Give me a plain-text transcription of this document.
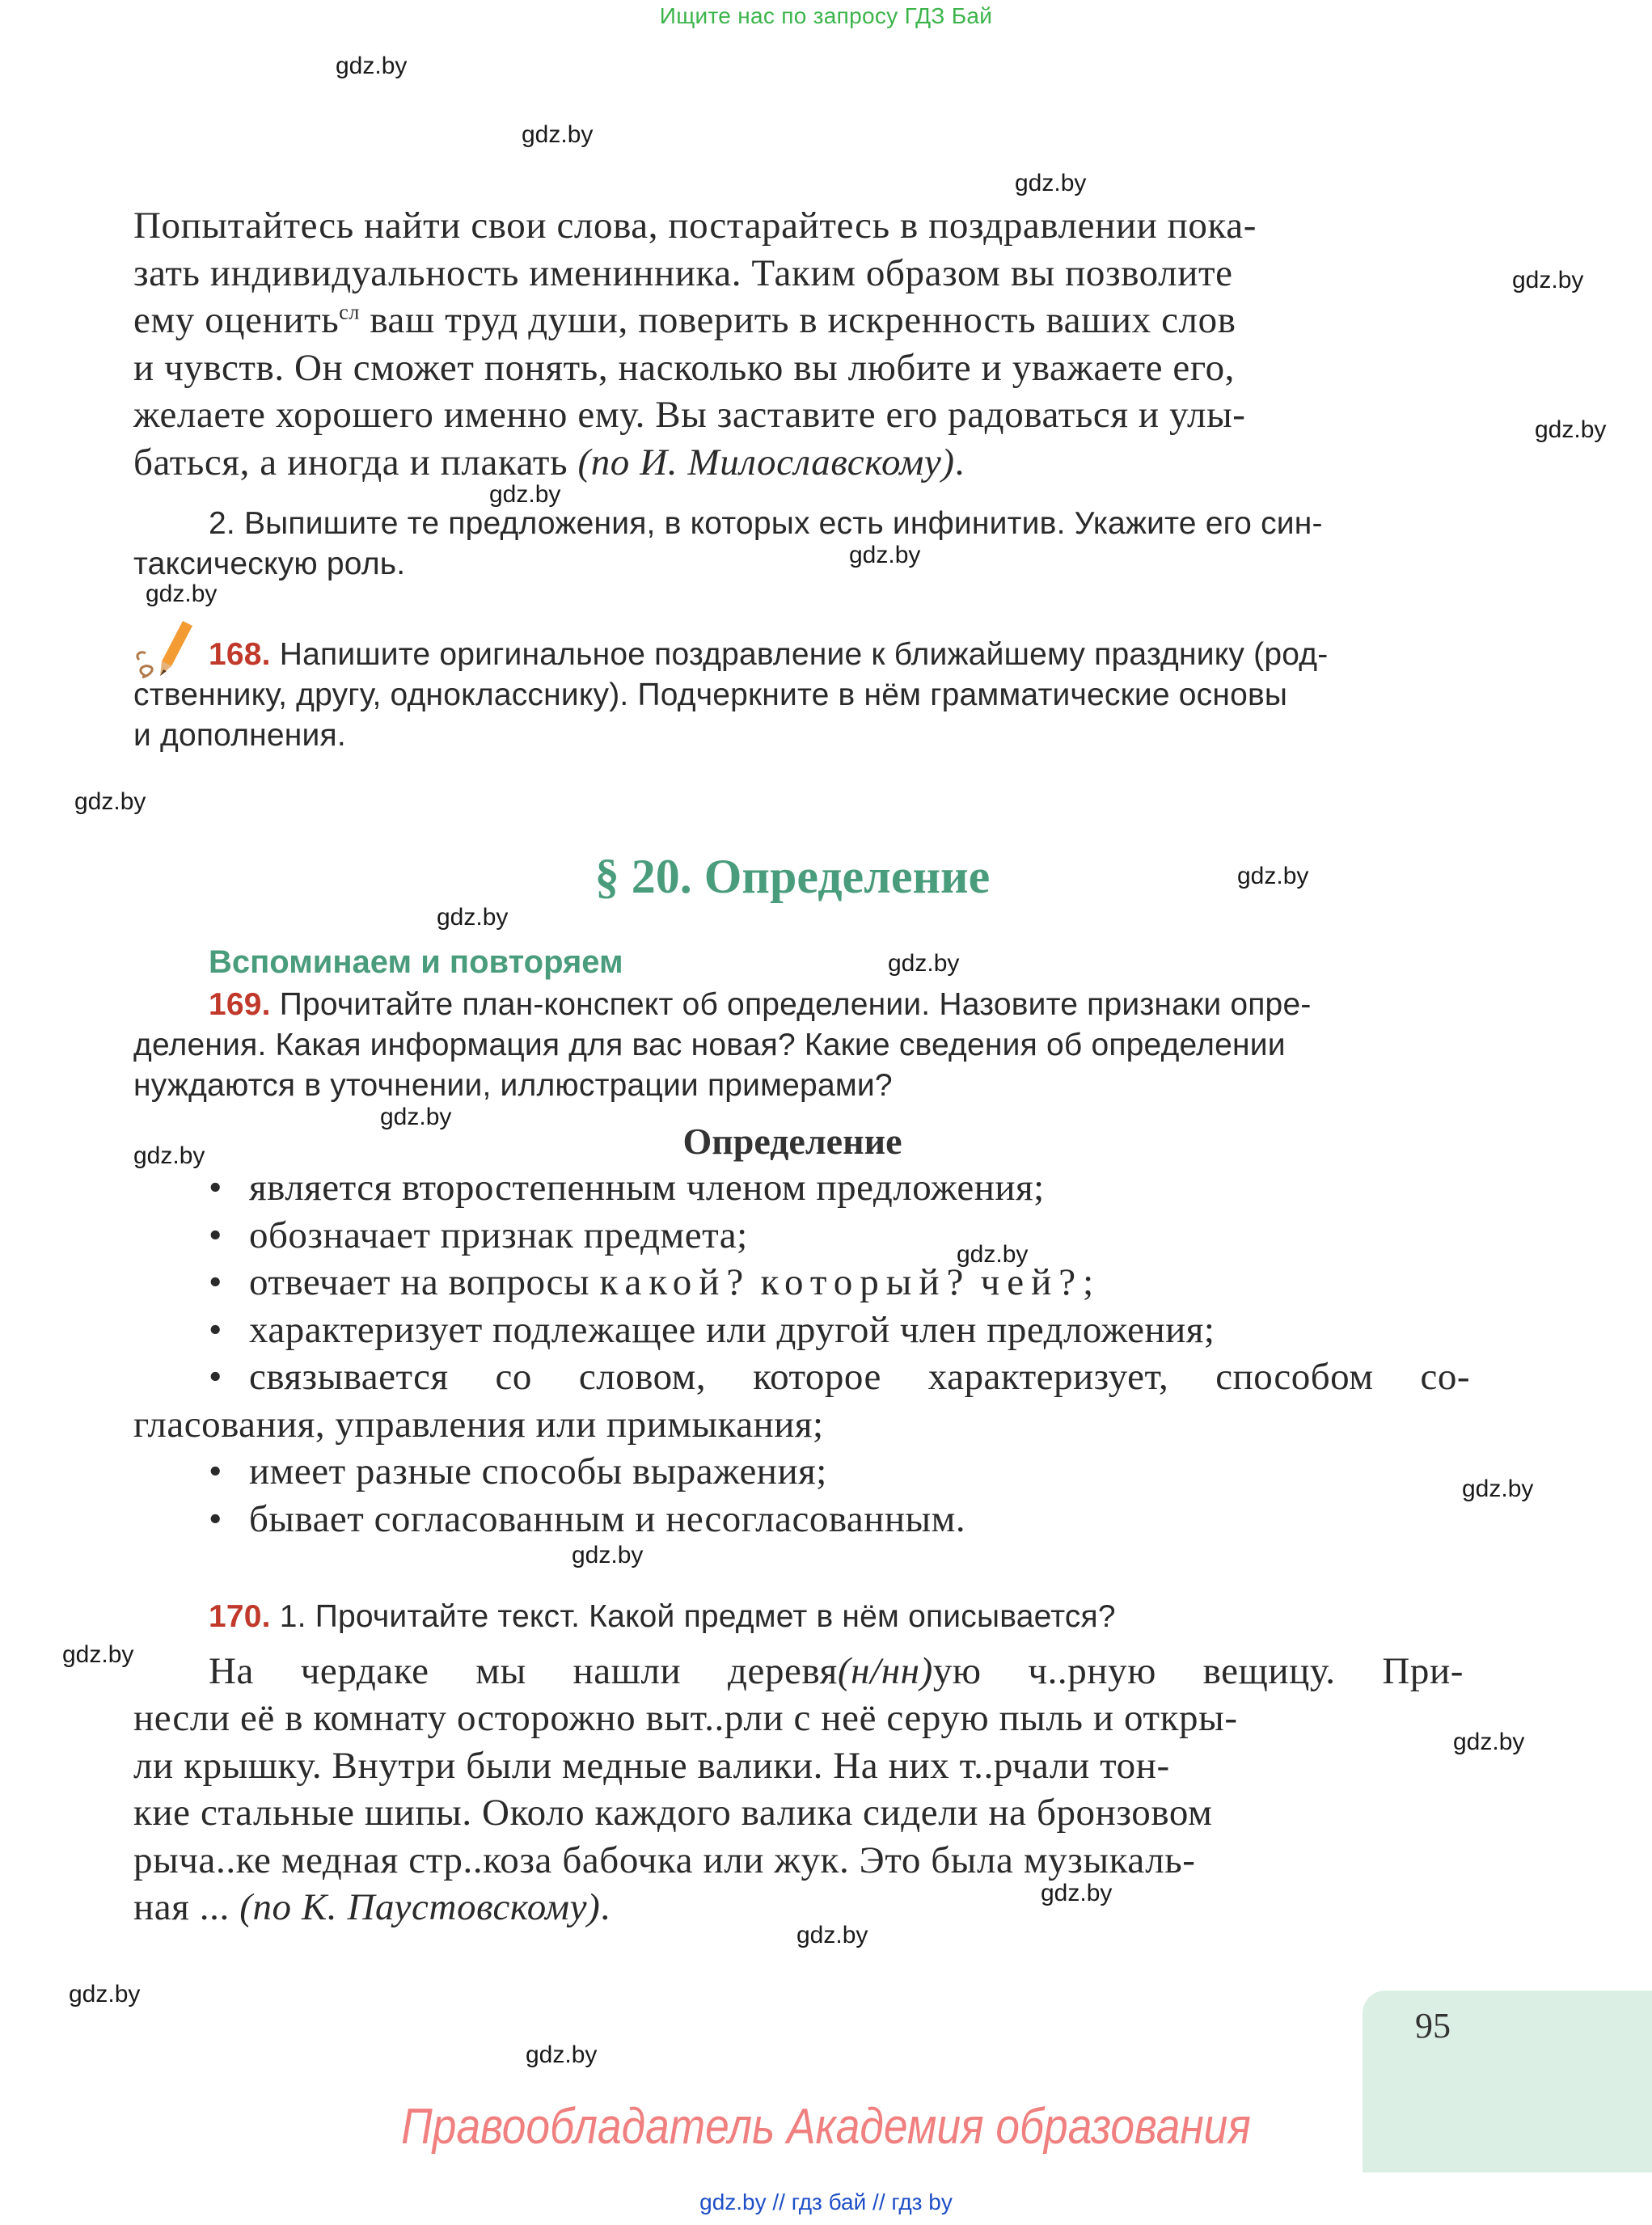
Ищите нас по запросу ГДЗ Бай
gdz.by
gdz.by
gdz.by
gdz.by
gdz.by
gdz.by
gdz.by
gdz.by
gdz.by
gdz.by
gdz.by
gdz.by
gdz.by
gdz.by
gdz.by
gdz.by
gdz.by
gdz.by
gdz.by
gdz.by
gdz.by
gdz.by
gdz.by
Попытайтесь найти свои слова, постарайтесь в поздравлении пока-
зать индивидуальность именинника. Таким образом вы позволите
ему оценить$^{сл}$ ваш труд души, поверить в искренность ваших слов
и чувств. Он сможет понять, насколько вы любите и уважаете его,
желаете хорошего именно ему. Вы заставите его радоваться и улы-
баться, а иногда и плакать (по И. Милославскому).
2. Выпишите те предложения, в которых есть инфинитив. Укажите его син-
таксическую роль.
168. Напишите оригинальное поздравление к ближайшему празднику (род-
ственнику, другу, однокласснику). Подчеркните в нём грамматические основы
и дополнения.
§ 20. Определение
Вспоминаем и повторяем
169. Прочитайте план-конспект об определении. Назовите признаки опре-
деления. Какая информация для вас новая? Какие сведения об определении
нуждаются в уточнении, иллюстрации примерами?
Определение
• является второстепенным членом предложения;
• обозначает признак предмета;
• отвечает на вопросы какой? который? чей?;
• характеризует подлежащее или другой член предложения;
• связывается со словом, которое характеризует, способом со-
гласования, управления или примыкания;
• имеет разные способы выражения;
• бывает согласованным и несогласованным.
170. 1. Прочитайте текст. Какой предмет в нём описывается?
На чердаке мы нашли деревя(н/нн)ую ч..рную вещицу. При-
несли её в комнату осторожно выт..рли с неё серую пыль и откры-
ли крышку. Внутри были медные валики. На них т..рчали тон-
кие стальные шипы. Около каждого валика сидели на бронзовом
рыча..ке медная стр..коза бабочка или жук. Это была музыкаль-
ная ... (по К. Паустовскому).
95
Правообладатель Академия образования
gdz.by // гдз бай // гдз by
